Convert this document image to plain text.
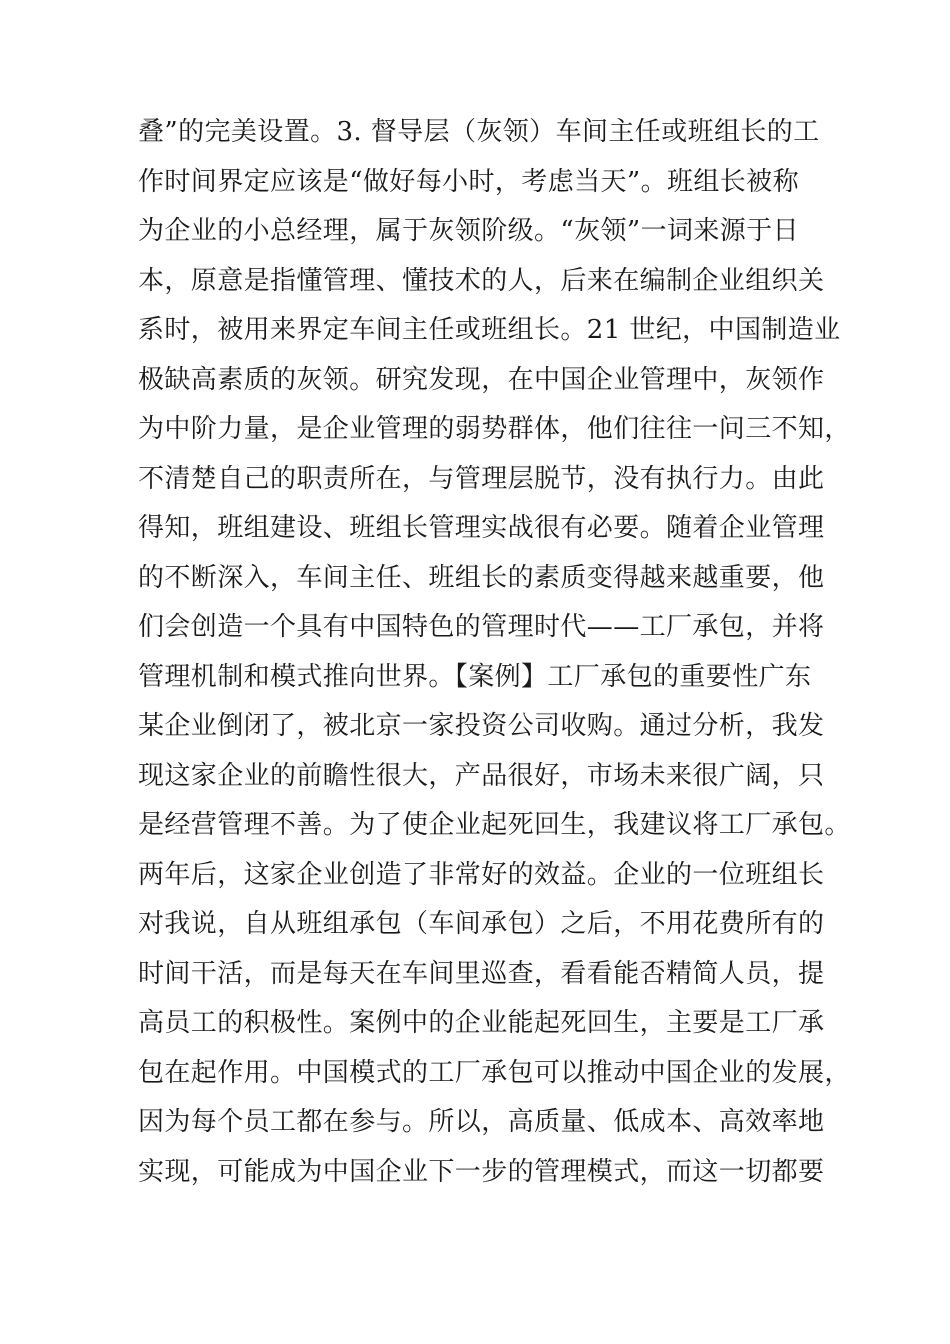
叠”的完美设置。3. 督导层（灰领）车间主任或班组长的工
作时间界定应该是“做好每小时，考虑当天”。班组长被称
为企业的小总经理，属于灰领阶级。“灰领”一词来源于日
本，原意是指懂管理、懂技术的人，后来在编制企业组织关
系时，被用来界定车间主任或班组长。21 世纪，中国制造业
极缺高素质的灰领。研究发现，在中国企业管理中，灰领作
为中阶力量，是企业管理的弱势群体，他们往往一问三不知，
不清楚自己的职责所在，与管理层脱节，没有执行力。由此
得知，班组建设、班组长管理实战很有必要。随着企业管理
的不断深入，车间主任、班组长的素质变得越来越重要，他
们会创造一个具有中国特色的管理时代——工厂承包，并将
管理机制和模式推向世界。【案例】工厂承包的重要性广东
某企业倒闭了，被北京一家投资公司收购。通过分析，我发
现这家企业的前瞻性很大，产品很好，市场未来很广阔，只
是经营管理不善。为了使企业起死回生，我建议将工厂承包。
两年后，这家企业创造了非常好的效益。企业的一位班组长
对我说，自从班组承包（车间承包）之后，不用花费所有的
时间干活，而是每天在车间里巡查，看看能否精简人员，提
高员工的积极性。案例中的企业能起死回生，主要是工厂承
包在起作用。中国模式的工厂承包可以推动中国企业的发展，
因为每个员工都在参与。所以，高质量、低成本、高效率地
实现，可能成为中国企业下一步的管理模式，而这一切都要
